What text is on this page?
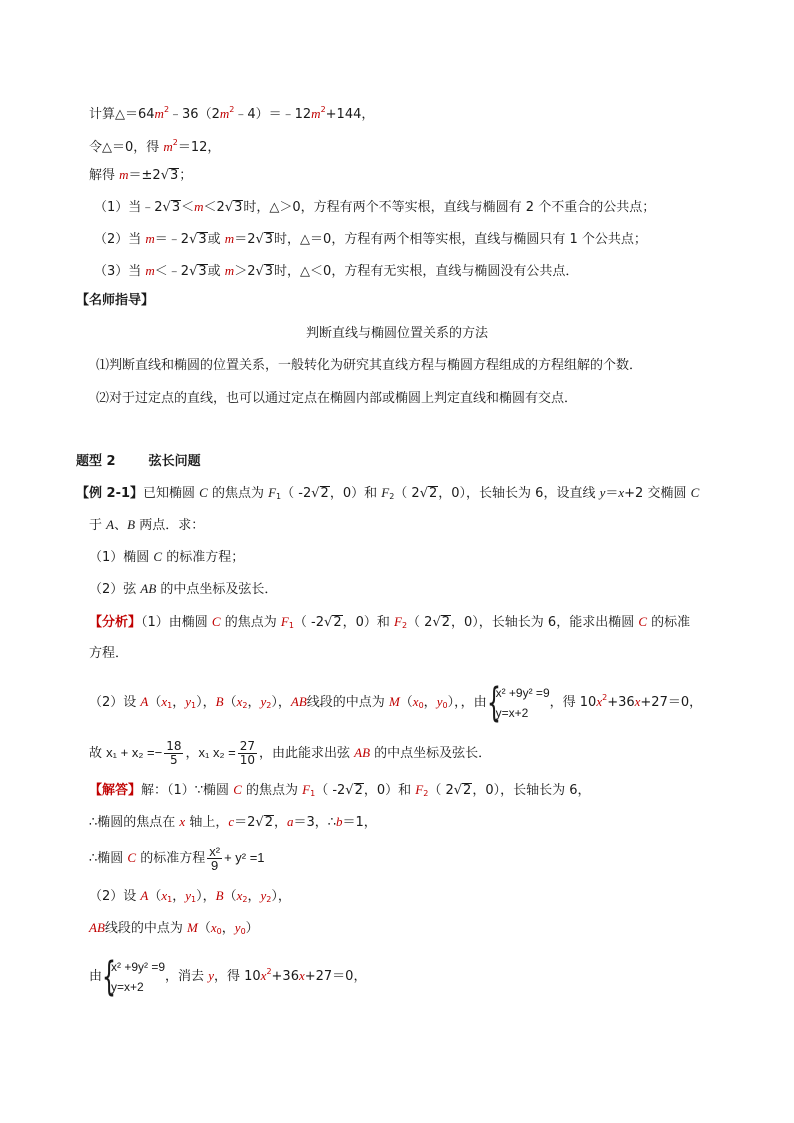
计算$\triangle=64m^2﹣36(2m^2﹣4)=﹣12m^2+144$，
令△＝0，得 $m^2=12$，
解得 m＝±2√3；
（1）当﹣2√3＜m＜2√3时，△＞0，方程有两个不等实根，直线与椭圆有 2 个不重合的公共点；
（2）当 m＝﹣2√3或 m＝2√3时，△＝0，方程有两个相等实根，直线与椭圆只有 1 个公共点；
（3）当 m＜﹣2√3或 m＞2√3时，△＜0，方程有无实根，直线与椭圆没有公共点．
【名师指导】
判断直线与椭圆位置关系的方法
⑴判断直线和椭圆的位置关系，一般转化为研究其直线方程与椭圆方程组成的方程组解的个数．
⑵对于过定点的直线，也可以通过定点在椭圆内部或椭圆上判定直线和椭圆有交点．
题型 2	弦长问题
【例 2-1】已知椭圆 C 的焦点为 $F_1$（ -2√2，0）和 $F_2$（ 2√2，0），长轴长为 6，设直线 y＝x+2 交椭圆 C
于 A、B 两点．求：
（1）椭圆 C 的标准方程；
（2）弦 AB 的中点坐标及弦长．
【分析】（1）由椭圆 C 的焦点为 $F_1$（ -2√2，0）和 $F_2$（ 2√2，0），长轴长为 6，能求出椭圆 C 的标准
方程．
（2）设 $A(x_1$，$y_1$），$B(x_2$，$y_2$），AB线段的中点为 $M(x_0$，$y_0$），，由 {
x² +9y² =9
y=x+2
，得 $10x^2+36x+27=0$，
故 $x_1 + x_2 =- \frac{18}{5}$ ，x₁ $x_2 = \frac{27}{10}$ ，由此能求出弦 AB 的中点坐标及弦长．
【解答】解：（1）∵椭圆 C 的焦点为 $F_1$（ -2√2，0）和 $F_2$（ 2√2，0），长轴长为 6，
∴椭圆的焦点在 x 轴上，c＝2√2，a＝3，∴b＝1，
∴椭圆 C 的标准方程 $\frac{\text{x²}}{9} + y^2 =1$
（2）设 $A(x_1$，$y_1$），$B(x_2$，$y_2$），
AB线段的中点为 $M(x_0$，$y_0$）
由 {
x² +9y² =9
y=x+2
，消去 y，得 $10x^2+36x+27=0$，
